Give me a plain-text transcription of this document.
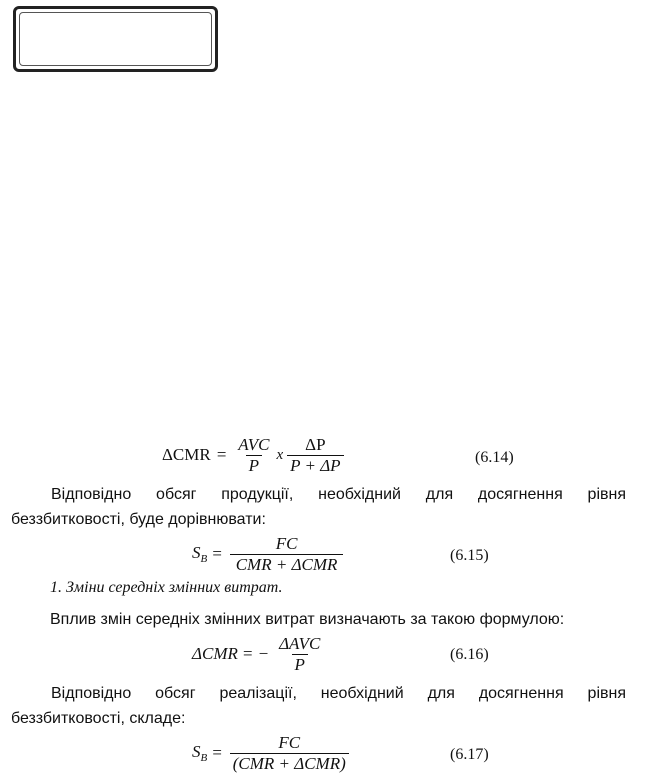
$\Delta CMR = \frac{\text{AVC}}{P}$ x $\frac{\Delta P}{P + \Delta P}$	(6.14)
Відповідно обсяг продукції, необхідний для досягнення рівня
беззбитковості, буде дорівнювати:
$S_B = \frac{FC}{\text{CMR + ΔCMR}}$	(6.15)
1. Зміни середніх змінних витрат.
Вплив змін середніх змінних витрат визначають за такою формулою:
ΔCMR = − $\frac{\text{ΔAVC}}{P}$	(6.16)
Відповідно обсяг реалізації, необхідний для досягнення рівня
беззбитковості, складе:
$S_B = \frac{FC}{\text{(CMR + ΔCMR)}}$	(6.17)
